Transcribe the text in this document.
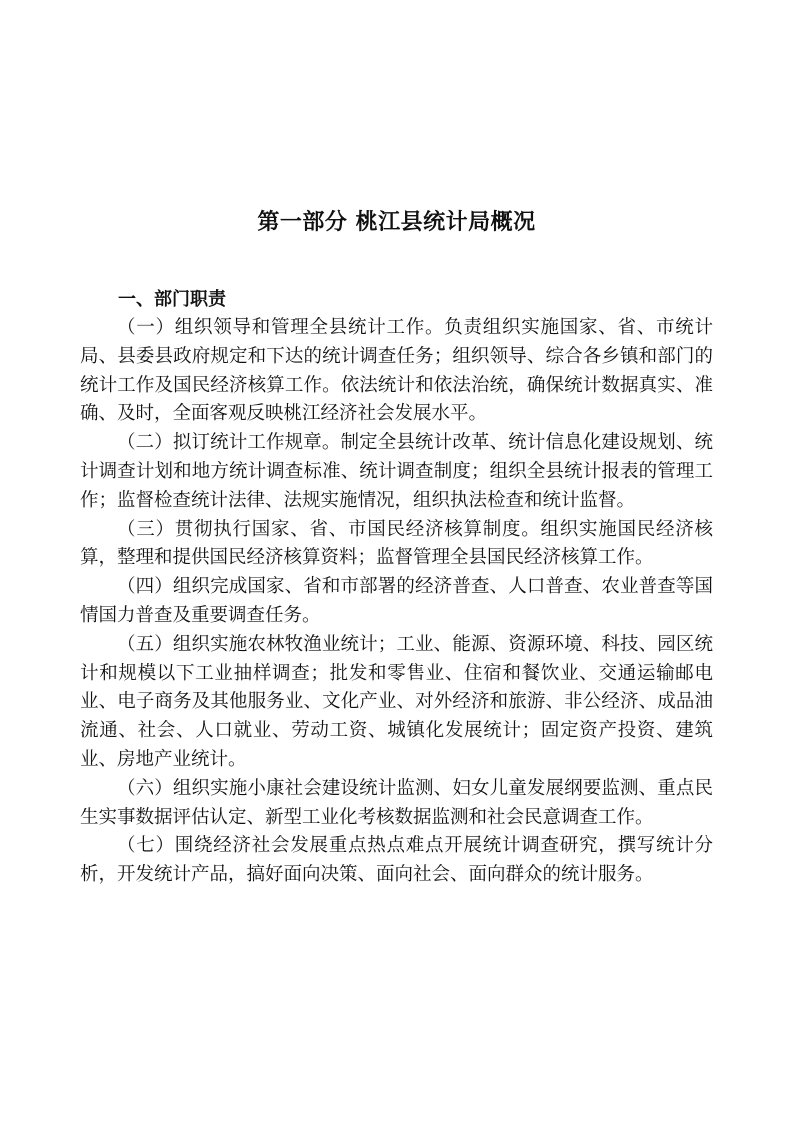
第一部分 桃江县统计局概况
一、部门职责

（一）组织领导和管理全县统计工作。负责组织实施国家、省、市统计局、县委县政府规定和下达的统计调查任务；组织领导、综合各乡镇和部门的统计工作及国民经济核算工作。依法统计和依法治统，确保统计数据真实、准确、及时，全面客观反映桃江经济社会发展水平。

（二）拟订统计工作规章。制定全县统计改革、统计信息化建设规划、统计调查计划和地方统计调查标准、统计调查制度；组织全县统计报表的管理工作；监督检查统计法律、法规实施情况，组织执法检查和统计监督。

（三）贯彻执行国家、省、市国民经济核算制度。组织实施国民经济核算，整理和提供国民经济核算资料；监督管理全县国民经济核算工作。

（四）组织完成国家、省和市部署的经济普查、人口普查、农业普查等国情国力普查及重要调查任务。

（五）组织实施农林牧渔业统计；工业、能源、资源环境、科技、园区统计和规模以下工业抽样调查；批发和零售业、住宿和餐饮业、交通运输邮电业、电子商务及其他服务业、文化产业、对外经济和旅游、非公经济、成品油流通、社会、人口就业、劳动工资、城镇化发展统计；固定资产投资、建筑业、房地产业统计。

（六）组织实施小康社会建设统计监测、妇女儿童发展纲要监测、重点民生实事数据评估认定、新型工业化考核数据监测和社会民意调查工作。

（七）围绕经济社会发展重点热点难点开展统计调查研究，撰写统计分析，开发统计产品，搞好面向决策、面向社会、面向群众的统计服务。
